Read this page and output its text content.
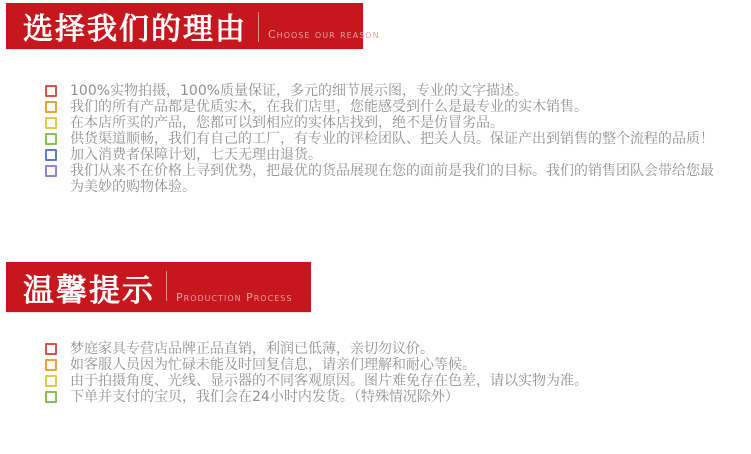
选择我们的理由	Choose our reason
100%实物拍摄，100%质量保证，多元的细节展示图，专业的文字描述。
我们的所有产品都是优质实木，在我们店里，您能感受到什么是最专业的实木销售。
在本店所买的产品，您都可以到相应的实体店找到，绝不是仿冒劣品。
供货渠道顺畅，我们有自己的工厂，有专业的评检团队、把关人员。保证产出到销售的整个流程的品质！
加入消费者保障计划，七天无理由退货。
我们从来不在价格上寻到优势，把最优的货品展现在您的面前是我们的目标。我们的销售团队会带给您最为美妙的购物体验。
温馨提示	Production Process
梦庭家具专营店品牌正品直销，利润已低薄，亲切勿议价。
如客服人员因为忙碌未能及时回复信息，请亲们理解和耐心等候。
由于拍摄角度、光线、显示器的不同客观原因。图片难免存在色差，请以实物为准。
下单并支付的宝贝，我们会在24小时内发货。（特殊情况除外）
